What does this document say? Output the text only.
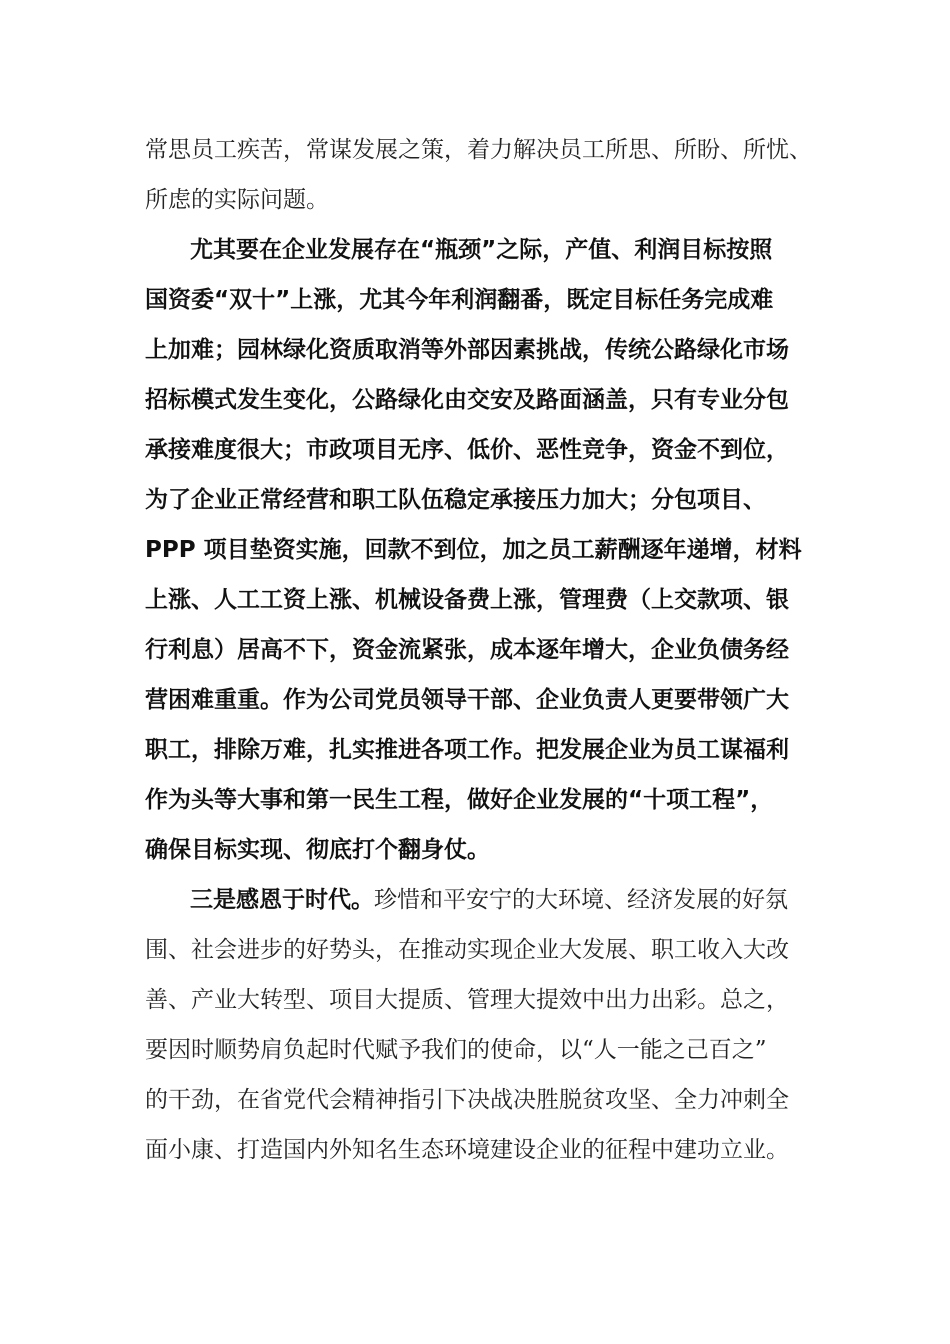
常思员工疾苦，常谋发展之策，着力解决员工所思、所盼、所忧、
所虑的实际问题。
尤其要在企业发展存在“瓶颈”之际，产值、利润目标按照
国资委“双十”上涨，尤其今年利润翻番，既定目标任务完成难
上加难；园林绿化资质取消等外部因素挑战，传统公路绿化市场
招标模式发生变化，公路绿化由交安及路面涵盖，只有专业分包
承接难度很大；市政项目无序、低价、恶性竞争，资金不到位，
为了企业正常经营和职工队伍稳定承接压力加大；分包项目、
PPP 项目垫资实施，回款不到位，加之员工薪酬逐年递增，材料
上涨、人工工资上涨、机械设备费上涨，管理费（上交款项、银
行利息）居高不下，资金流紧张，成本逐年增大，企业负债务经
营困难重重。作为公司党员领导干部、企业负责人更要带领广大
职工，排除万难，扎实推进各项工作。把发展企业为员工谋福利
作为头等大事和第一民生工程，做好企业发展的“十项工程”，
确保目标实现、彻底打个翻身仗。
三是感恩于时代。 珍惜和平安宁的大环境、经济发展的好氛
围、社会进步的好势头，在推动实现企业大发展、职工收入大改
善、产业大转型、项目大提质、管理大提效中出力出彩。总之，
要因时顺势肩负起时代赋予我们的使命，以“人一能之己百之”
的干劲，在省党代会精神指引下决战决胜脱贫攻坚、全力冲刺全
面小康、打造国内外知名生态环境建设企业的征程中建功立业。
